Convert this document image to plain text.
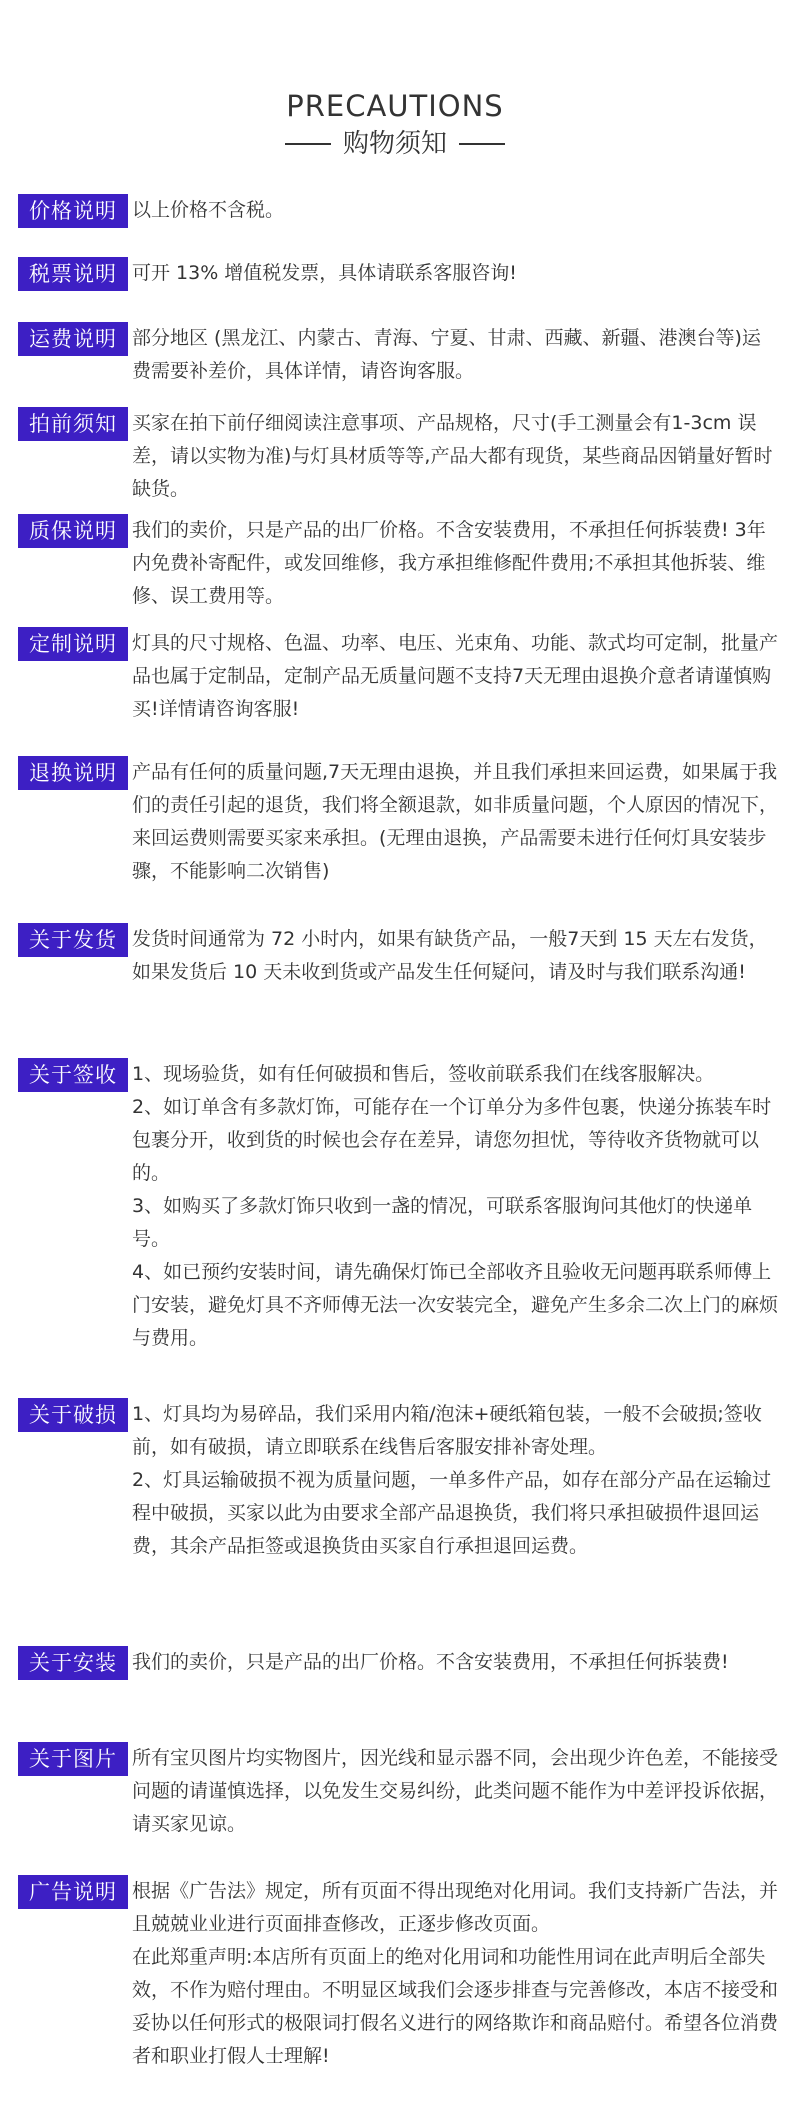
PRECAUTIONS
购物须知
价格说明 以上价格不含税。
税票说明 可开 13% 增值税发票，具体请联系客服咨询!
运费说明 部分地区 (黑龙江、内蒙古、青海、宁夏、甘肃、西藏、新疆、港澳台等)运费需要补差价，具体详情，请咨询客服。
拍前须知 买家在拍下前仔细阅读注意事项、产品规格，尺寸(手工测量会有1-3cm 误差，请以实物为准)与灯具材质等等,产品大都有现货，某些商品因销量好暂时缺货。
质保说明 我们的卖价，只是产品的出厂价格。不含安装费用，不承担任何拆装费! 3年内免费补寄配件，或发回维修，我方承担维修配件费用;不承担其他拆装、维修、误工费用等。
定制说明 灯具的尺寸规格、色温、功率、电压、光束角、功能、款式均可定制，批量产品也属于定制品，定制产品无质量问题不支持7天无理由退换介意者请谨慎购买!详情请咨询客服!
退换说明 产品有任何的质量问题,7天无理由退换，并且我们承担来回运费，如果属于我们的责任引起的退货，我们将全额退款，如非质量问题，个人原因的情况下，来回运费则需要买家来承担。(无理由退换，产品需要未进行任何灯具安装步骤，不能影响二次销售)
关于发货 发货时间通常为 72 小时内，如果有缺货产品，一般7天到 15 天左右发货，如果发货后 10 天未收到货或产品发生任何疑问，请及时与我们联系沟通!
关于签收 1、现场验货，如有任何破损和售后，签收前联系我们在线客服解决。
2、如订单含有多款灯饰，可能存在一个订单分为多件包裹，快递分拣装车时包裹分开，收到货的时候也会存在差异，请您勿担忧，等待收齐货物就可以的。
3、如购买了多款灯饰只收到一盏的情况，可联系客服询问其他灯的快递单号。
4、如已预约安装时间，请先确保灯饰已全部收齐且验收无问题再联系师傅上门安装，避免灯具不齐师傅无法一次安装完全，避免产生多余二次上门的麻烦与费用。
关于破损 1、灯具均为易碎品，我们采用内箱/泡沫+硬纸箱包装，一般不会破损;签收前，如有破损，请立即联系在线售后客服安排补寄处理。
2、灯具运输破损不视为质量问题，一单多件产品，如存在部分产品在运输过程中破损，买家以此为由要求全部产品退换货，我们将只承担破损件退回运费，其余产品拒签或退换货由买家自行承担退回运费。
关于安装 我们的卖价，只是产品的出厂价格。不含安装费用，不承担任何拆装费!
关于图片 所有宝贝图片均实物图片，因光线和显示器不同，会出现少许色差，不能接受问题的请谨慎选择，以免发生交易纠纷，此类问题不能作为中差评投诉依据，请买家见谅。
广告说明 根据《广告法》规定，所有页面不得出现绝对化用词。我们支持新广告法，并且兢兢业业进行页面排查修改，正逐步修改页面。
在此郑重声明:本店所有页面上的绝对化用词和功能性用词在此声明后全部失效，不作为赔付理由。不明显区域我们会逐步排查与完善修改，本店不接受和妥协以任何形式的极限词打假名义进行的网络欺诈和商品赔付。希望各位消费者和职业打假人士理解!
